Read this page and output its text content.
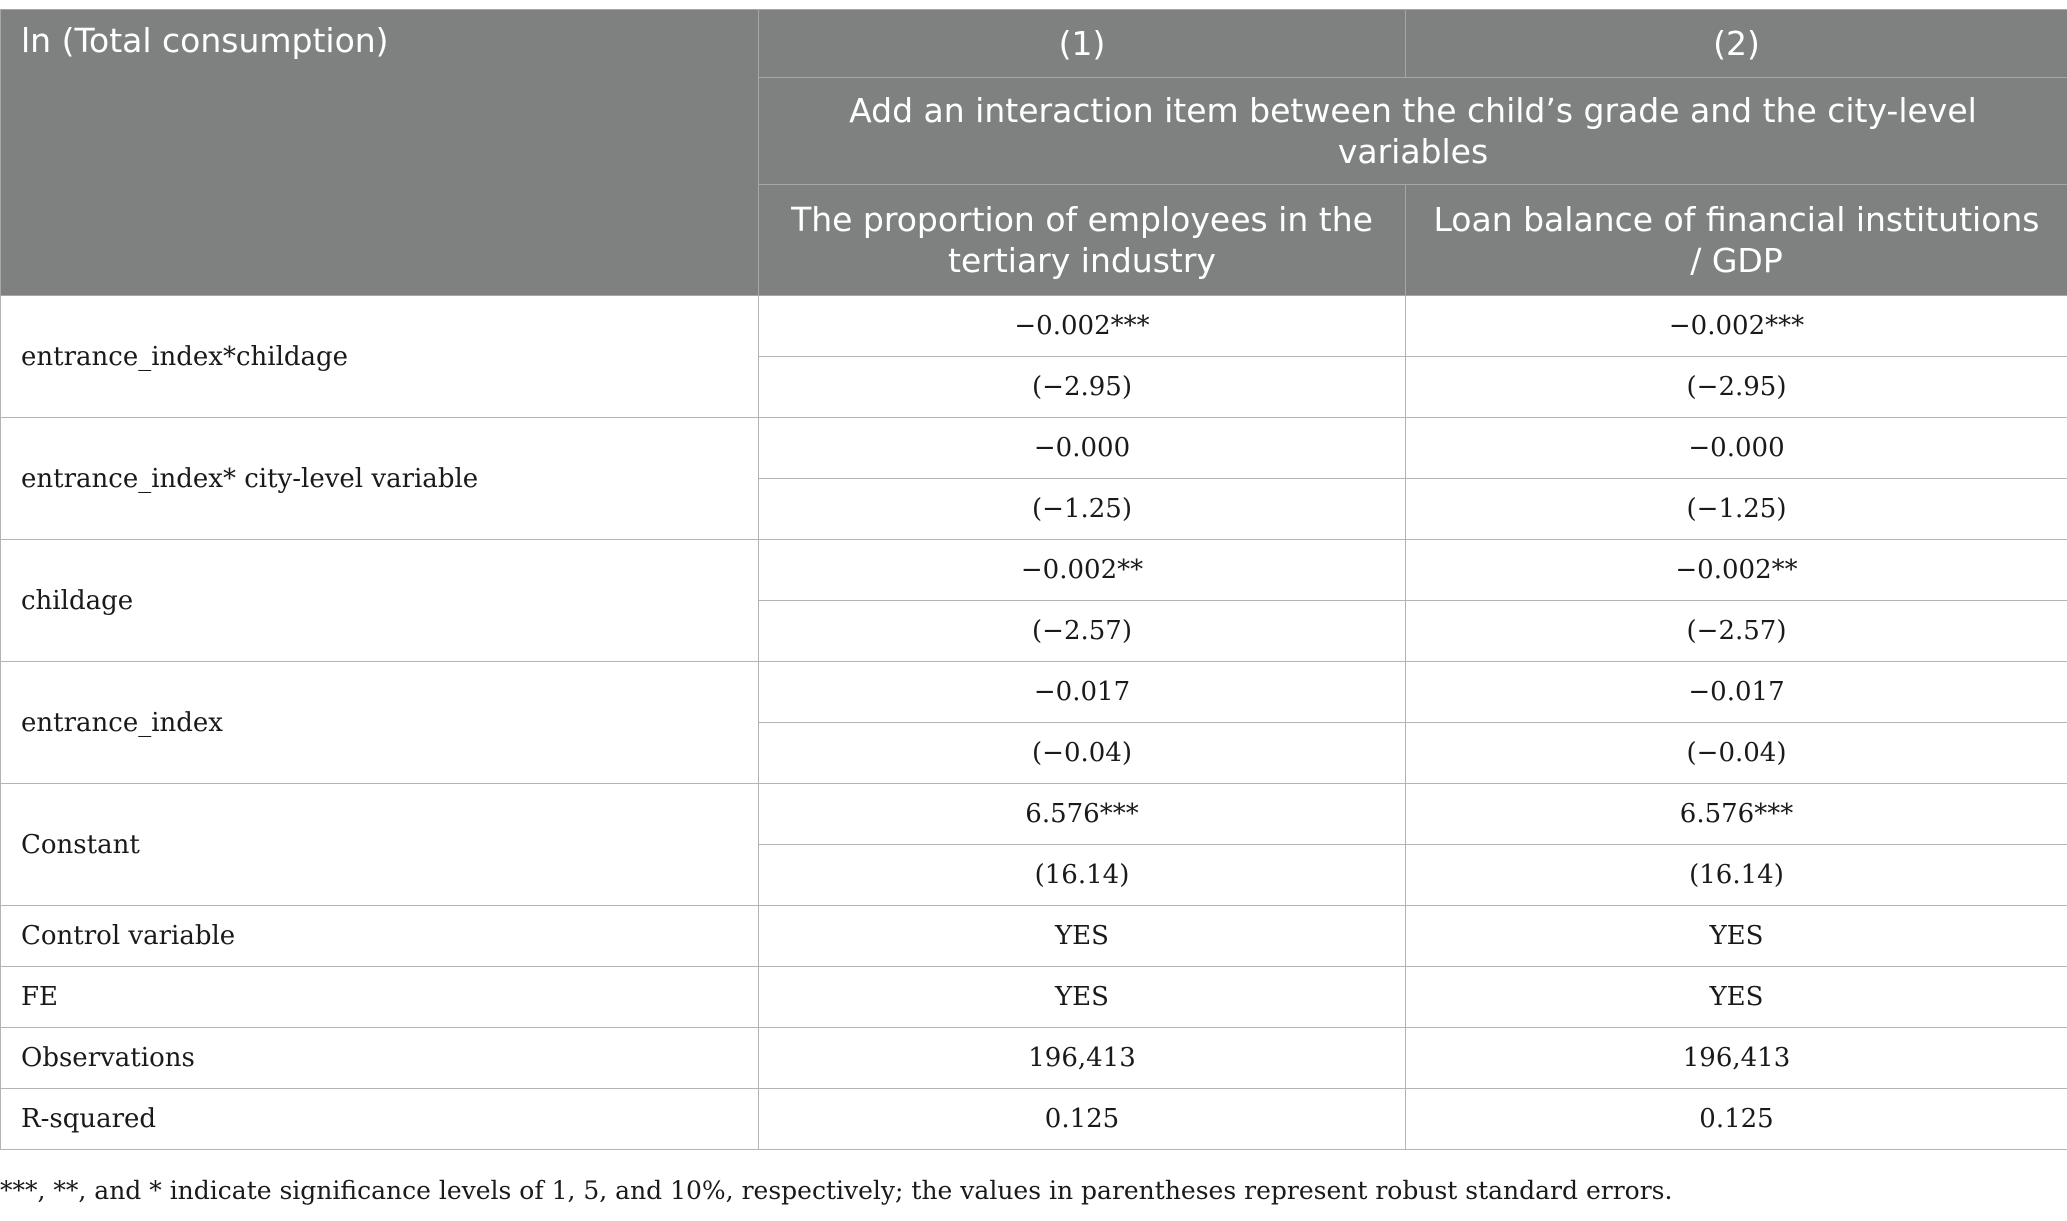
ln (Total consumption)	(1)	(2)
	Add an interaction item between the child’s grade and the city-level variables	
	The proportion of employees in the tertiary industry	Loan balance of financial institutions / GDP
entrance_index*childage	−0.002***	−0.002***
	(−2.95)	(−2.95)
entrance_index* city-level variable	−0.000	−0.000
	(−1.25)	(−1.25)
childage	−0.002**	−0.002**
	(−2.57)	(−2.57)
entrance_index	−0.017	−0.017
	(−0.04)	(−0.04)
Constant	6.576***	6.576***
	(16.14)	(16.14)
Control variable	YES	YES
FE	YES	YES
Observations	196,413	196,413
R-squared	0.125	0.125
***, **, and * indicate significance levels of 1, 5, and 10%, respectively; the values in parentheses represent robust standard errors.
